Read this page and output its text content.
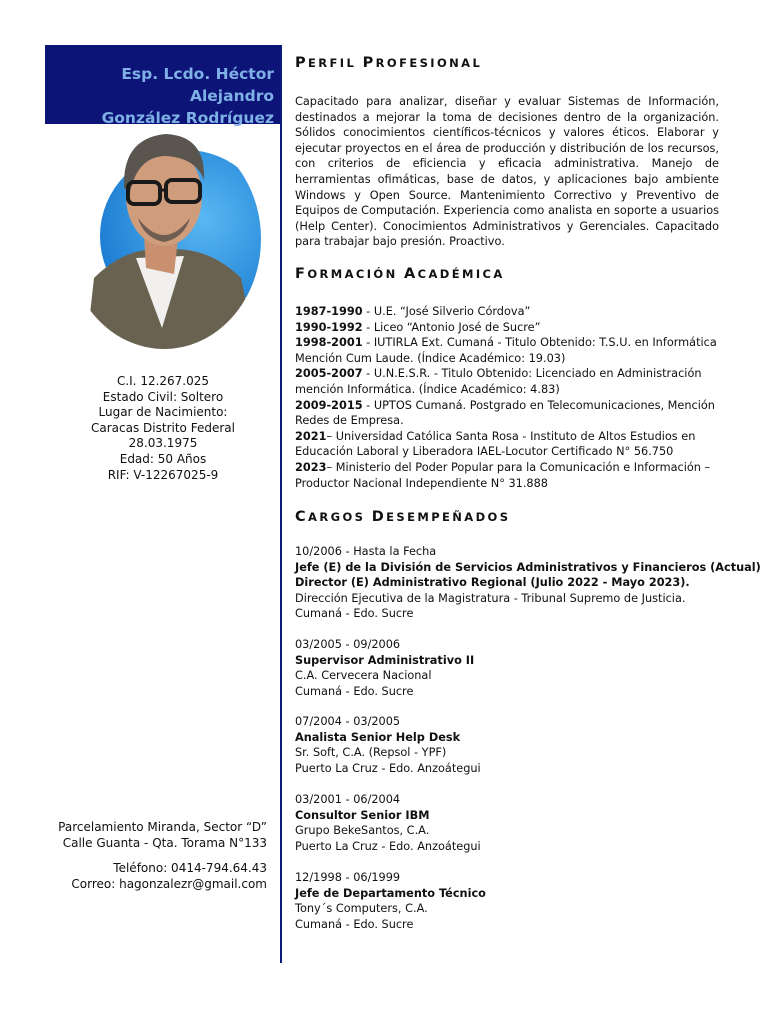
Esp. Lcdo. Héctor Alejandro
González Rodríguez
C.I. 12.267.025
Estado Civil: Soltero
Lugar de Nacimiento:
Caracas Distrito Federal
28.03.1975
Edad: 50 Años
RIF: V-12267025-9
Parcelamiento Miranda, Sector “D”
Calle Guanta - Qta. Torama N°133
Teléfono: 0414-794.64.43
Correo: hagonzalezr@gmail.com
PERFIL PROFESIONAL
Capacitado para analizar, diseñar y evaluar Sistemas de Información, destinados a mejorar la toma de decisiones dentro de la organización. Sólidos conocimientos científicos-técnicos y valores éticos. Elaborar y ejecutar proyectos en el área de producción y distribución de los recursos, con criterios de eficiencia y eficacia administrativa. Manejo de herramientas ofimáticas, base de datos, y aplicaciones bajo ambiente Windows y Open Source. Mantenimiento Correctivo y Preventivo de Equipos de Computación. Experiencia como analista en soporte a usuarios (Help Center). Conocimientos Administrativos y Gerenciales. Capacitado para trabajar bajo presión. Proactivo.
FORMACIÓN ACADÉMICA
1987-1990 - U.E. “José Silverio Córdova”
1990-1992 - Liceo “Antonio José de Sucre”
1998-2001 - IUTIRLA Ext. Cumaná - Titulo Obtenido: T.S.U. en Informática Mención Cum Laude. (Índice Académico: 19.03)
2005-2007 - U.N.E.S.R. - Titulo Obtenido: Licenciado en Administración mención Informática. (Índice Académico: 4.83)
2009-2015 - UPTOS Cumaná. Postgrado en Telecomunicaciones, Mención Redes de Empresa.
2021– Universidad Católica Santa Rosa - Instituto de Altos Estudios en Educación Laboral y Liberadora IAEL-Locutor Certificado N° 56.750
2023– Ministerio del Poder Popular para la Comunicación e Información – Productor Nacional Independiente N° 31.888
CARGOS DESEMPEÑADOS
10/2006 - Hasta la Fecha
Jefe (E) de la División de Servicios Administrativos y Financieros (Actual)
Director (E) Administrativo Regional (Julio 2022 - Mayo 2023).
Dirección Ejecutiva de la Magistratura - Tribunal Supremo de Justicia.
Cumaná - Edo. Sucre
03/2005 - 09/2006
Supervisor Administrativo II
C.A. Cervecera Nacional
Cumaná - Edo. Sucre
07/2004 - 03/2005
Analista Senior Help Desk
Sr. Soft, C.A. (Repsol - YPF)
Puerto La Cruz - Edo. Anzoátegui
03/2001 - 06/2004
Consultor Senior IBM
Grupo BekeSantos, C.A.
Puerto La Cruz - Edo. Anzoátegui
12/1998 - 06/1999
Jefe de Departamento Técnico
Tony´s Computers, C.A.
Cumaná - Edo. Sucre
